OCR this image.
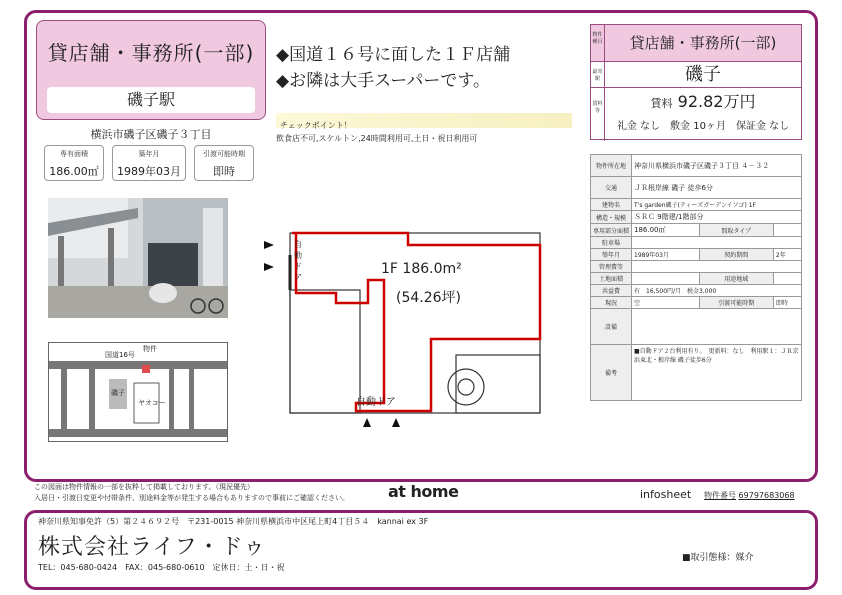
貸店舗・事務所(一部)
磯子駅
横浜市磯子区磯子３丁目
専有面積
186.00㎡
築年月
1989年03月
引渡可能時期
即時
国道16号
物件
磯子
ヤオコー
◆国道１６号に面した１Ｆ店舗
◆お隣は大手スーパーです。
チェックポイント！
飲食店不可,スケルトン,24時間利用可,土日・祝日利用可
1F 186.0m²
(54.26坪)
自動ドア
自動ドア
物件種目	貸店舗・事務所(一部)
最寄駅	磯子
賃料等
賃料 92.82万円
礼金 なし　敷金 10ヶ月　保証金 なし
物件所在地	神奈川県横浜市磯子区磯子３丁目 ４－３２		
交通	ＪＲ根岸線 磯子 徒歩6分		
建物名	T's garden磯子(ティーズガーデンイソゴ) 1F		
構造・規模	ＳＲＣ 9階建/1階部分		
専用部分面積	186.00㎡	間取タイプ	
駐車場			
築年月	1989年03月	契約期間	2年
管理費等			
土地面積		用途地域	
共益費	有　16,500円/月　税金3,000		
現況	空	引渡可能時期	即時
設備			
備考	■自動ドア２台利用有り。　更新料：なし　利用駅１：ＪＲ京浜東北・根岸線 磯子徒歩6分		
この図面は物件情報の一部を抜粋して掲載しております。（現況優先）
入居日・引渡日変更や付帯条件、別途料金等が発生する場合もありますので事前にご確認ください。 at home	infosheet 物件番号 69797683068
神奈川県知事免許（5）第２４６９２号　〒231-0015 神奈川県横浜市中区尾上町4丁目５４　kannai ex 3F
株式会社ライフ・ドゥ
TEL：045-680-0424　FAX：045-680-0610　定休日：土・日・祝
■取引態様：媒介
